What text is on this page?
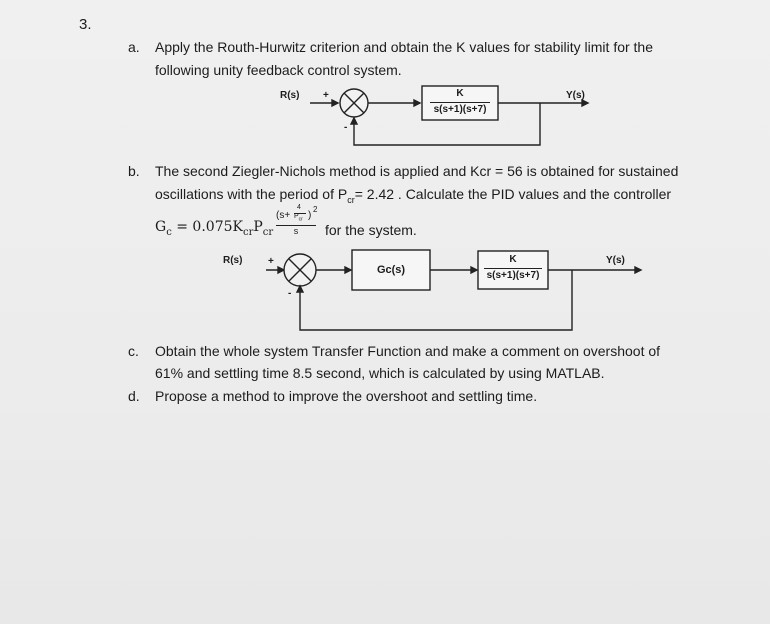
3.
a. Apply the Routh-Hurwitz criterion and obtain the K values for stability limit for the
following unity feedback control system.
b. The second Ziegler-Nichols method is applied and Kcr = 56 is obtained for sustained
oscillations with the period of $P_{cr}= 2.42$ . Calculate the PID values and the controller
$G_c = 0.075K_{cr}P_{cr}$
(s+
4
$P_{cr}$ )
2
s	for the system.
c. Obtain the whole system Transfer Function and make a comment on overshoot of
61% and settling time 8.5 second, which is calculated by using MATLAB.
d. Propose a method to improve the overshoot and settling time.
R(s) +
-
K
s(s+1)(s+7)
Y(s)
R(s)	+
-
Gc(s)
K
s(s+1)(s+7)
Y(s)
